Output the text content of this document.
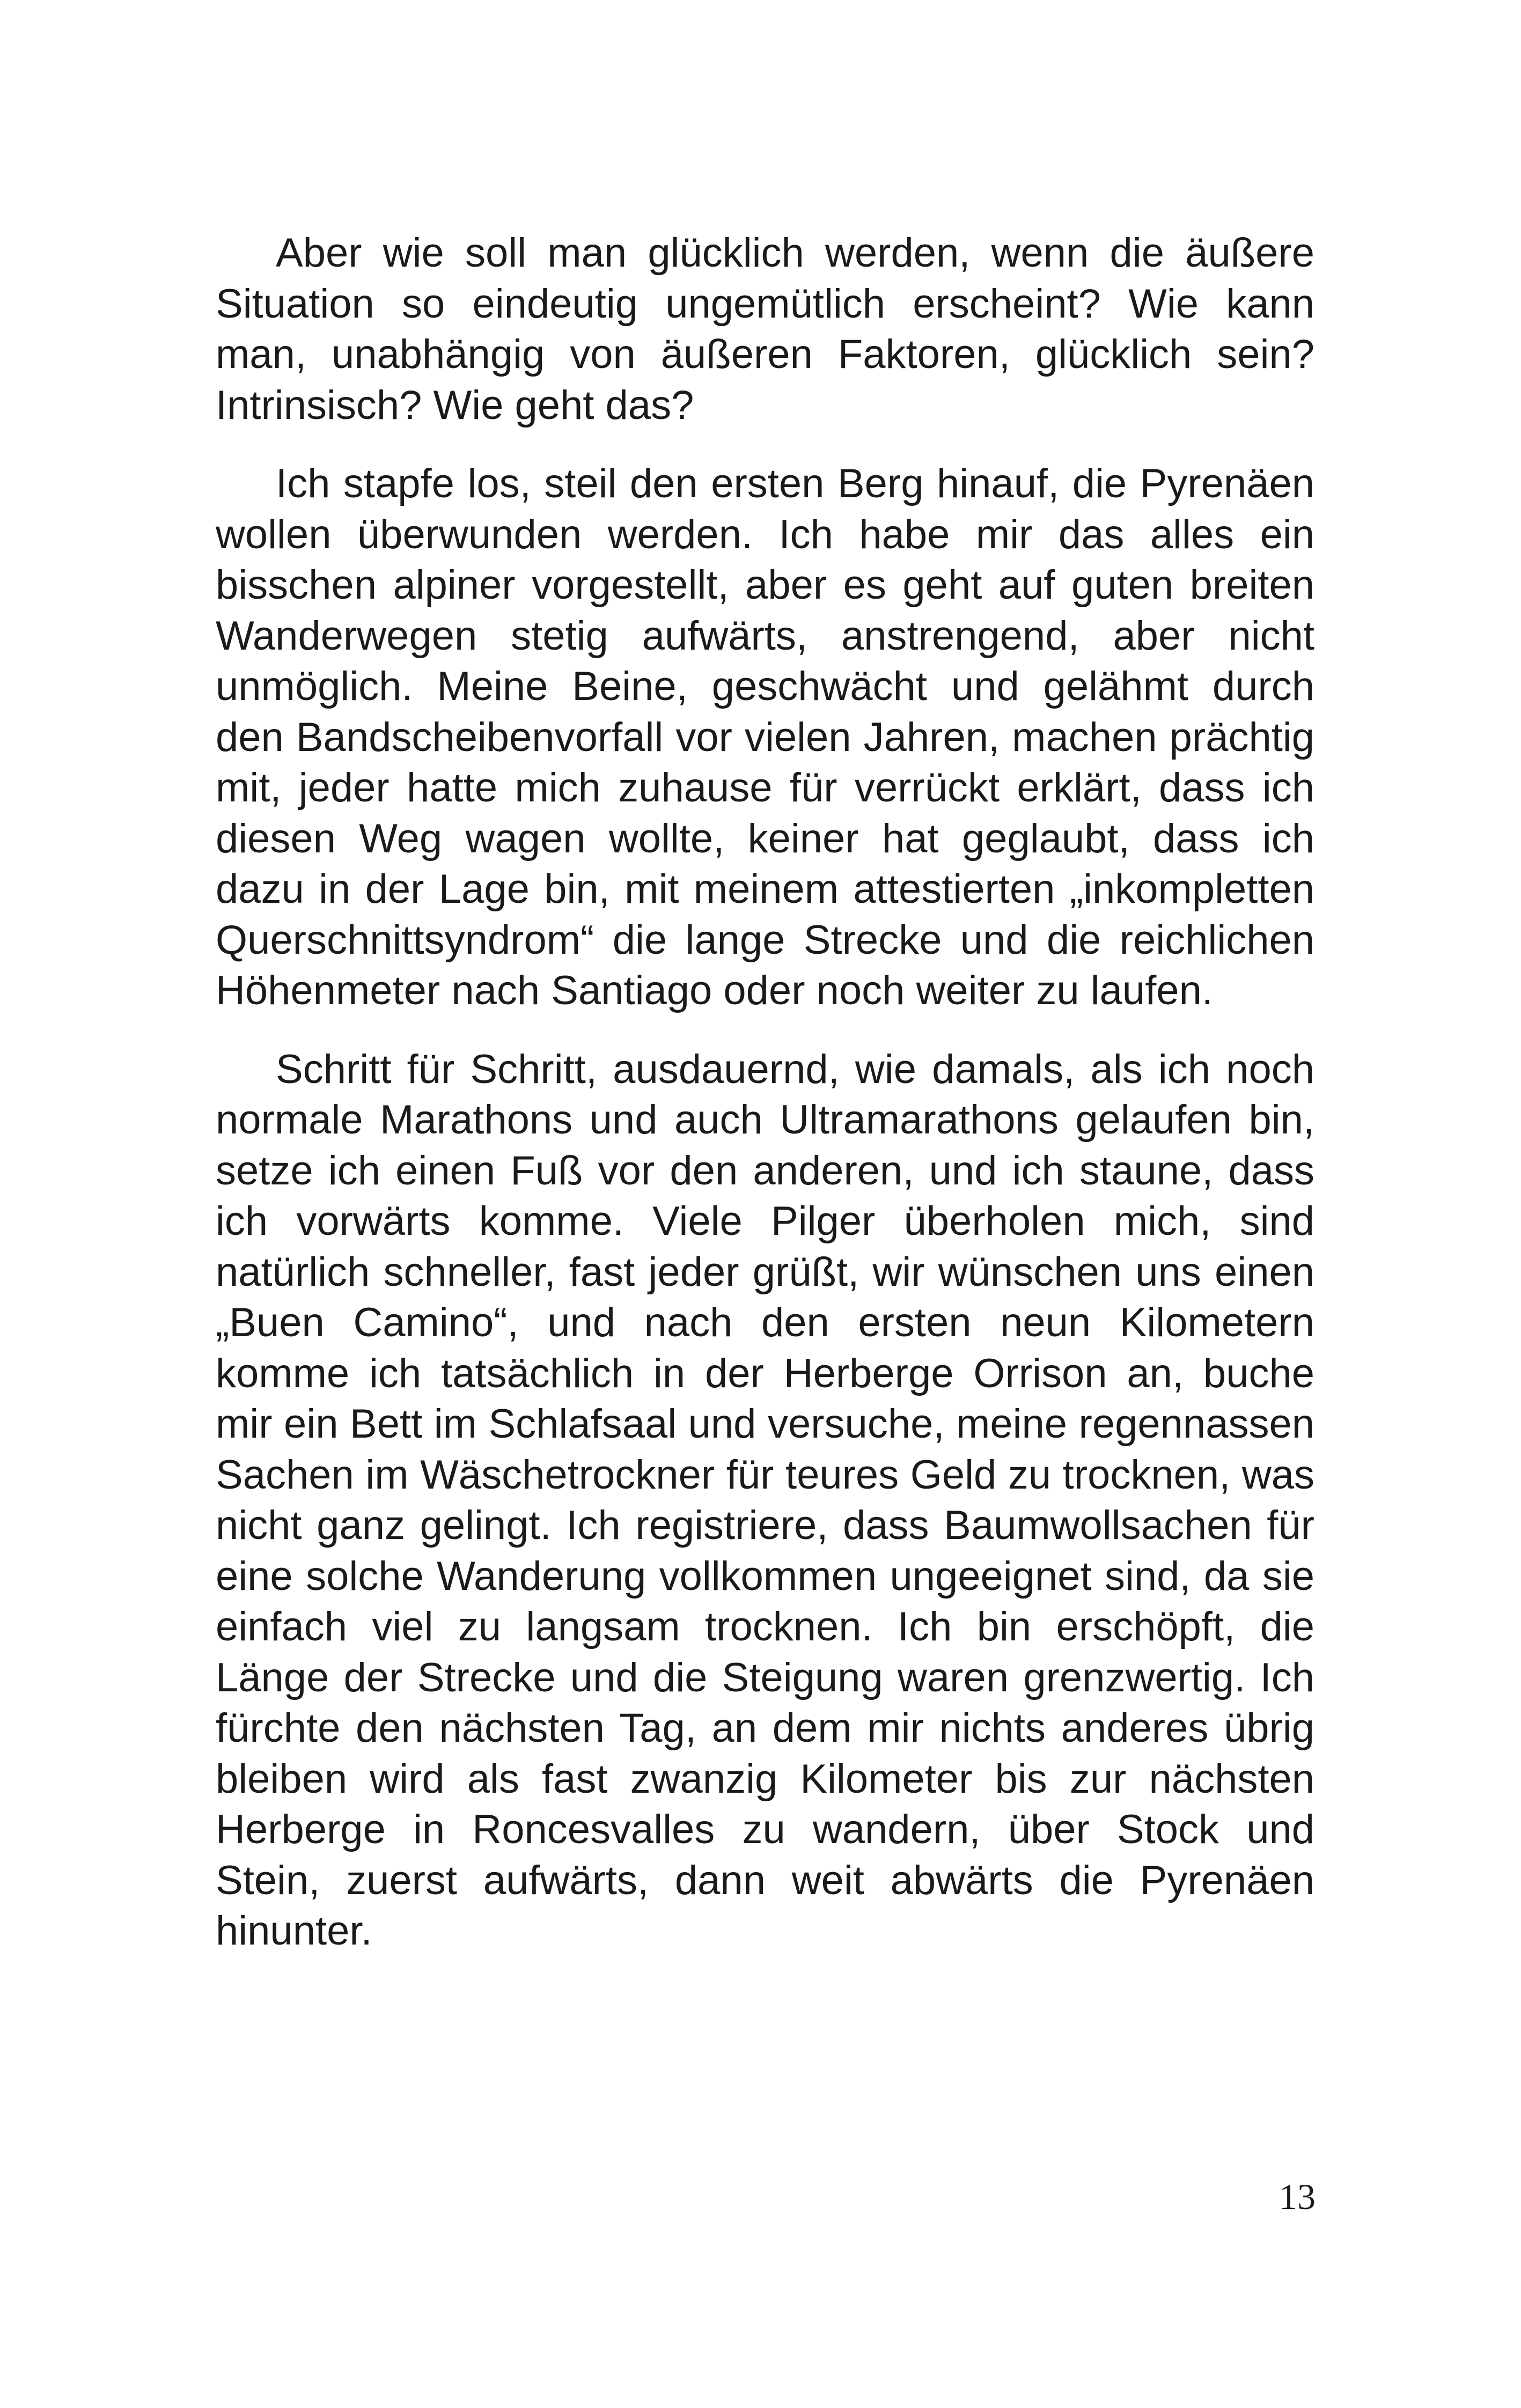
Aber wie soll man glücklich werden, wenn die äußere Situation so eindeutig ungemütlich erscheint? Wie kann man, unabhängig von äußeren Faktoren, glücklich sein? Intrinsisch? Wie geht das?

Ich stapfe los, steil den ersten Berg hinauf, die Pyrenäen wollen überwunden werden. Ich habe mir das alles ein bisschen alpiner vorgestellt, aber es geht auf guten breiten Wanderwegen stetig aufwärts, anstrengend, aber nicht unmöglich. Meine Beine, geschwächt und gelähmt durch den Bandscheibenvorfall vor vielen Jahren, machen prächtig mit, jeder hatte mich zuhause für verrückt erklärt, dass ich diesen Weg wagen wollte, keiner hat geglaubt, dass ich dazu in der Lage bin, mit meinem attestierten „inkompletten Querschnittsyndrom“ die lange Strecke und die reichlichen Höhenmeter nach Santiago oder noch weiter zu laufen.

Schritt für Schritt, ausdauernd, wie damals, als ich noch normale Marathons und auch Ultramarathons gelaufen bin, setze ich einen Fuß vor den anderen, und ich staune, dass ich vorwärts komme. Viele Pilger überholen mich, sind natürlich schneller, fast jeder grüßt, wir wünschen uns einen „Buen Camino“, und nach den ersten neun Kilometern komme ich tatsächlich in der Herberge Orrison an, buche mir ein Bett im Schlafsaal und versuche, meine regennassen Sachen im Wäschetrockner für teures Geld zu trocknen, was nicht ganz gelingt. Ich registriere, dass Baumwollsachen für eine solche Wanderung vollkommen ungeeignet sind, da sie einfach viel zu langsam trocknen. Ich bin erschöpft, die Länge der Strecke und die Steigung waren grenzwertig. Ich fürchte den nächsten Tag, an dem mir nichts anderes übrig bleiben wird als fast zwanzig Kilometer bis zur nächsten Herberge in Roncesvalles zu wandern, über Stock und Stein, zuerst aufwärts, dann weit abwärts die Pyrenäen hinunter.

13
